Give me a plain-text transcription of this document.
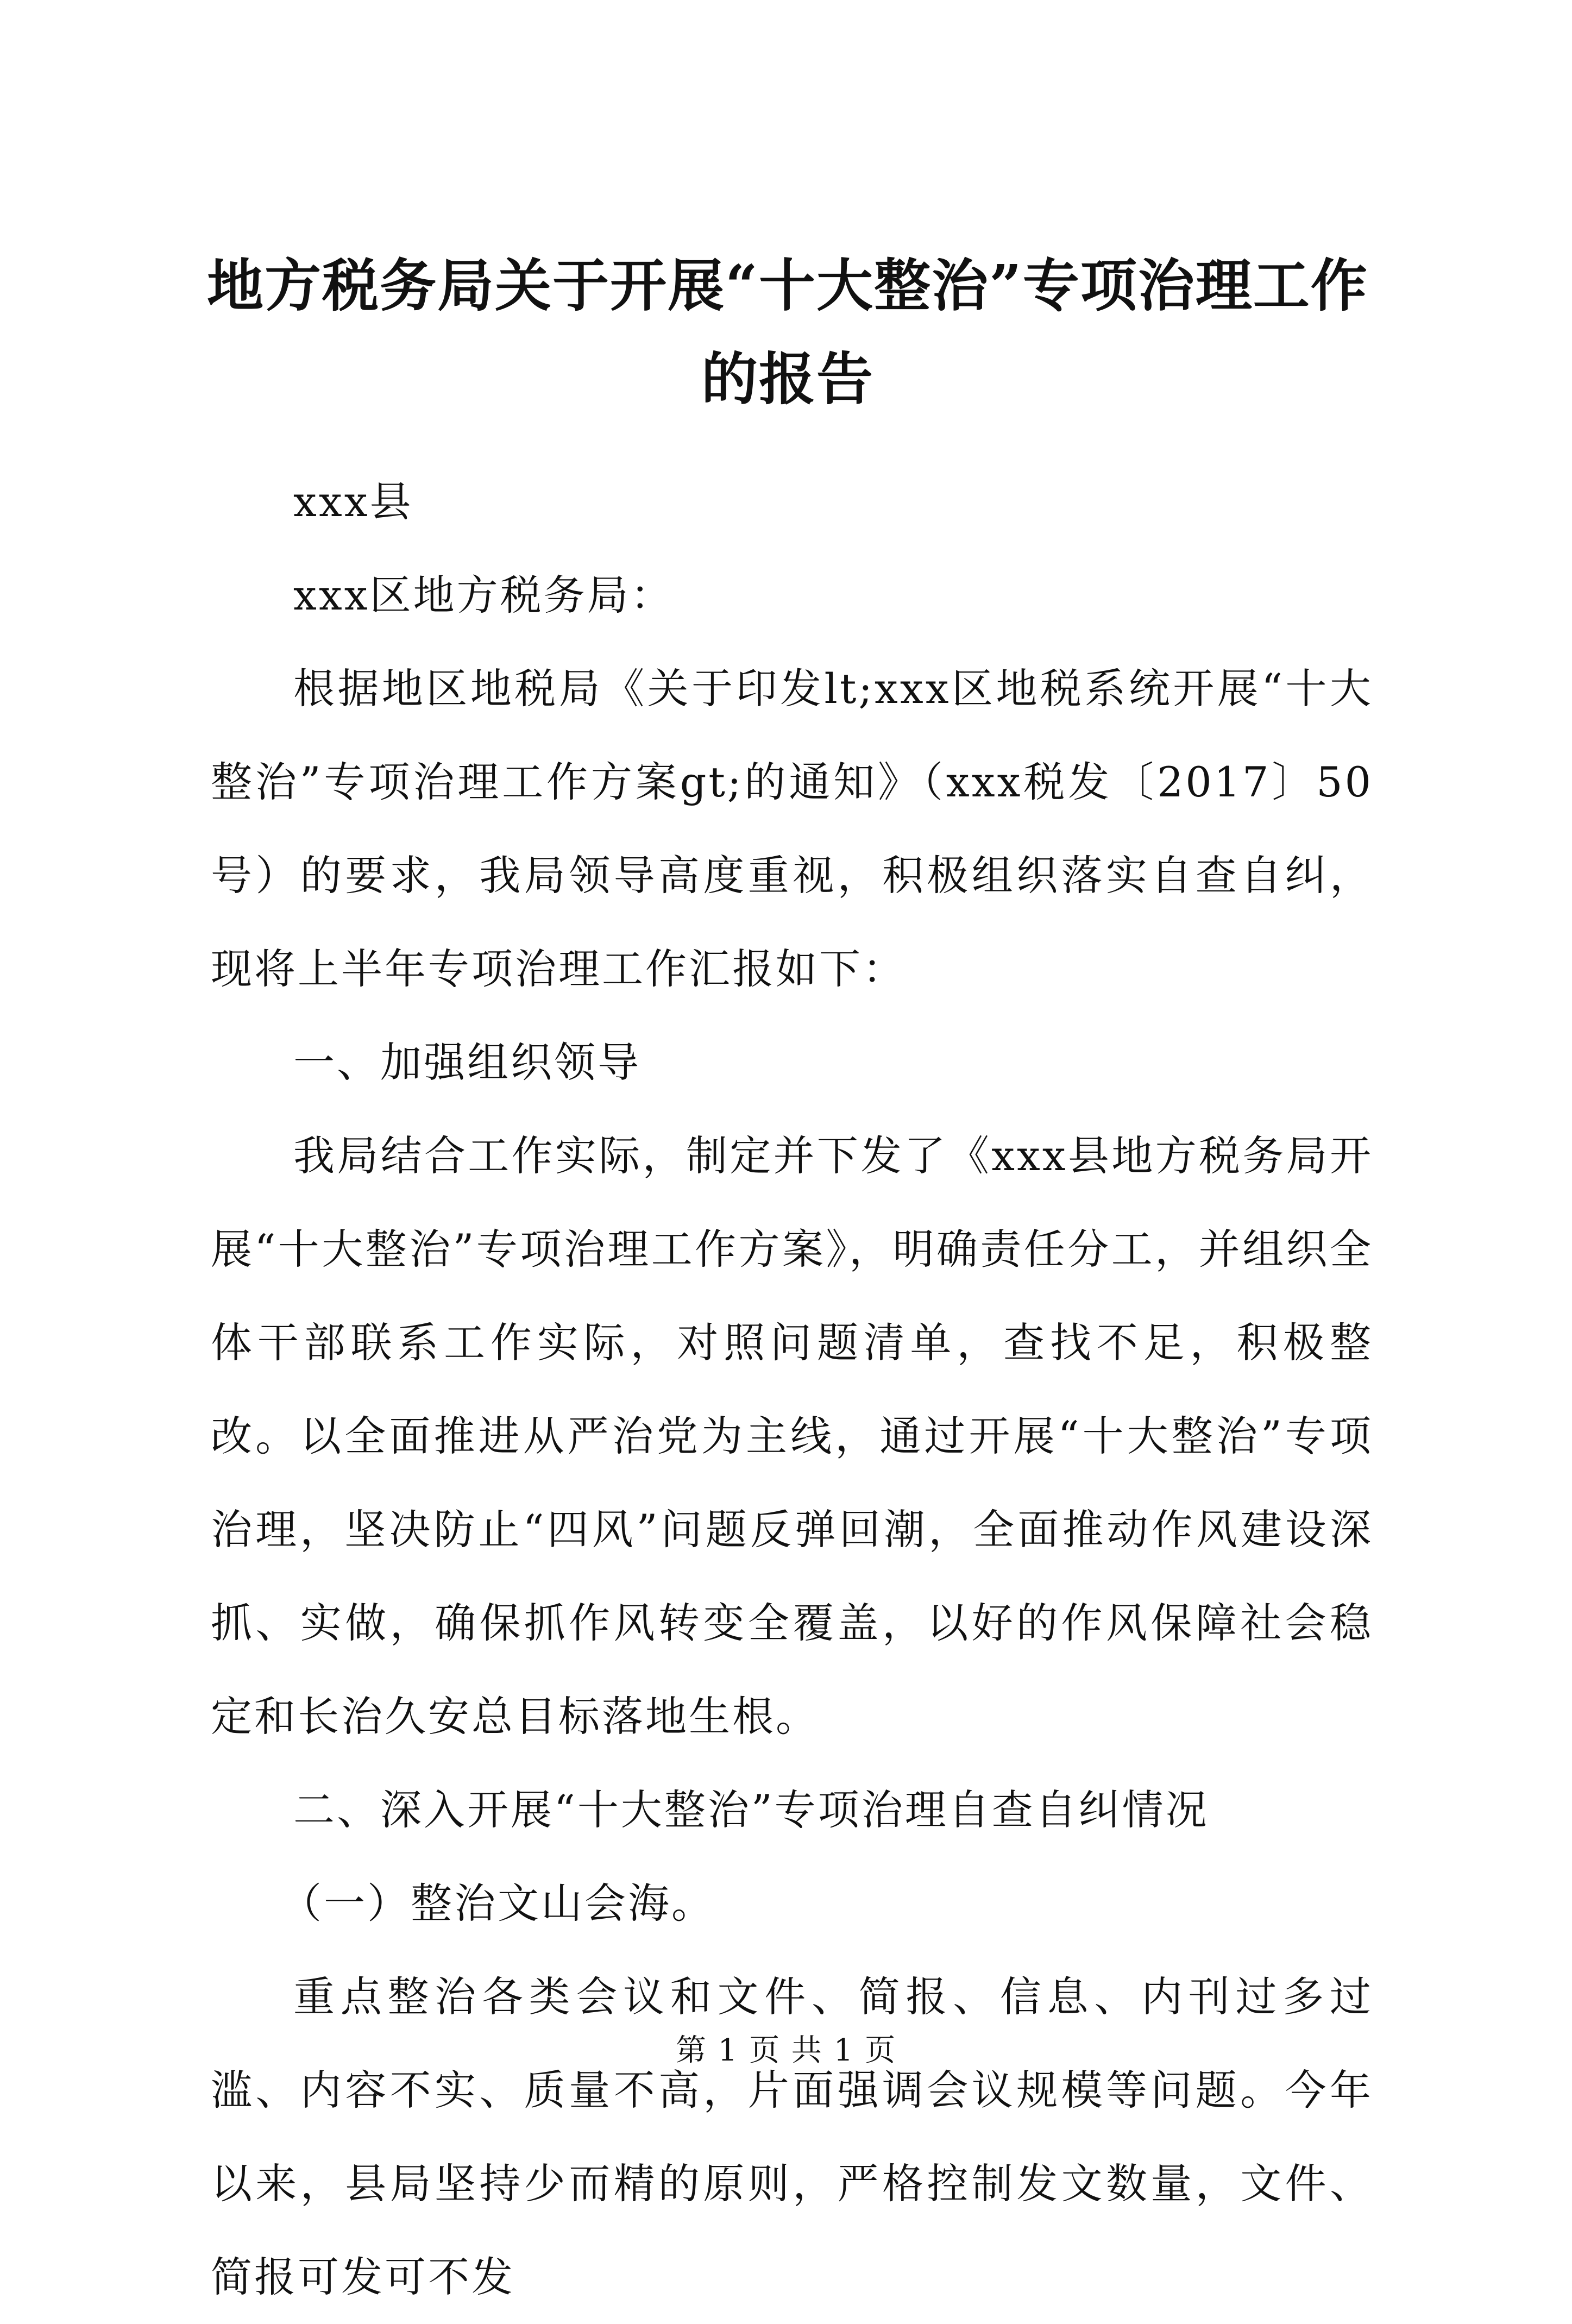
地方税务局关于开展“十大整治”专项治理工作的报告

xxx县

xxx区地方税务局：

根据地区地税局《关于印发lt;xxx区地税系统开展“十大整治”专项治理工作方案gt;的通知》（xxx税发〔2017〕50号）的要求，我局领导高度重视，积极组织落实自查自纠，现将上半年专项治理工作汇报如下：

一、加强组织领导

我局结合工作实际，制定并下发了《xxx县地方税务局开展“十大整治”专项治理工作方案》，明确责任分工，并组织全体干部联系工作实际，对照问题清单，查找不足，积极整改。以全面推进从严治党为主线，通过开展“十大整治”专项治理，坚决防止“四风”问题反弹回潮，全面推动作风建设深抓、实做，确保抓作风转变全覆盖，以好的作风保障社会稳定和长治久安总目标落地生根。

二、深入开展“十大整治”专项治理自查自纠情况

（一）整治文山会海。

重点整治各类会议和文件、简报、信息、内刊过多过滥、内容不实、质量不高，片面强调会议规模等问题。今年以来，县局坚持少而精的原则，严格控制发文数量，文件、简报可发可不发

第 1 页 共 1 页
